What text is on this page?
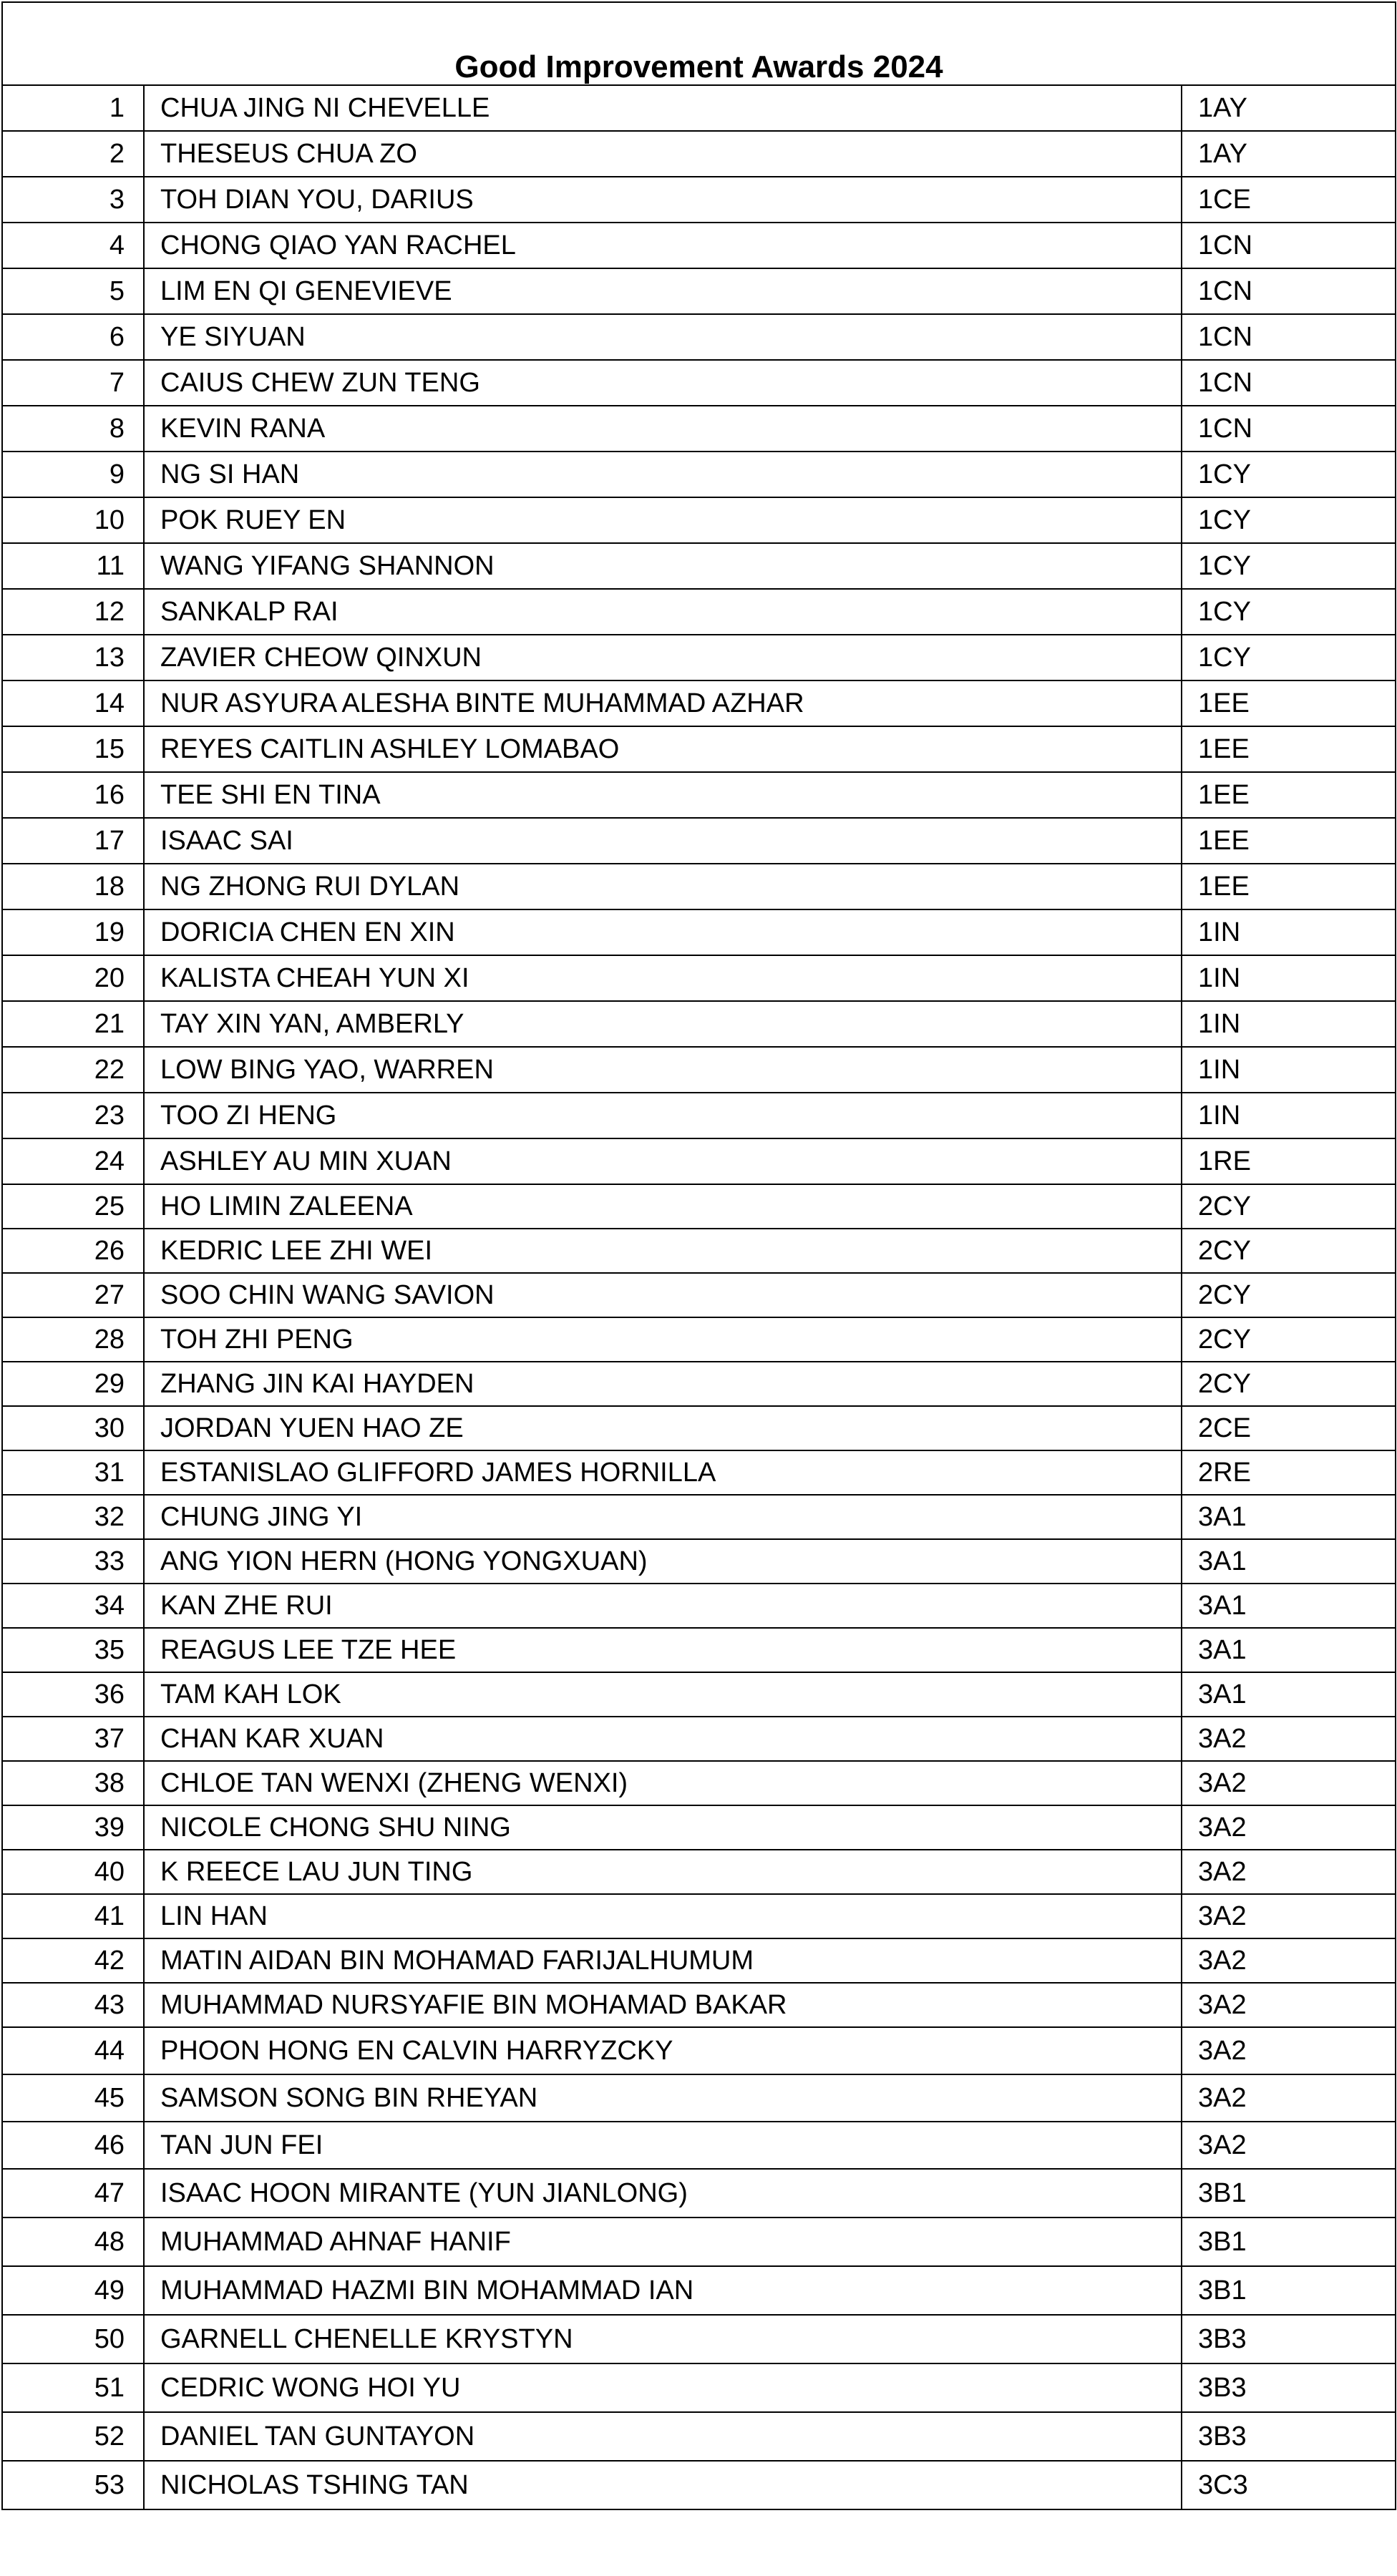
Good Improvement Awards 2024		
1	CHUA JING NI CHEVELLE	1AY
2	THESEUS CHUA ZO	1AY
3	TOH DIAN YOU, DARIUS	1CE
4	CHONG QIAO YAN RACHEL	1CN
5	LIM EN QI GENEVIEVE	1CN
6	YE SIYUAN	1CN
7	CAIUS CHEW ZUN TENG	1CN
8	KEVIN RANA	1CN
9	NG SI HAN	1CY
10	POK RUEY EN	1CY
11	WANG YIFANG SHANNON	1CY
12	SANKALP RAI	1CY
13	ZAVIER CHEOW QINXUN	1CY
14	NUR ASYURA ALESHA BINTE MUHAMMAD AZHAR	1EE
15	REYES CAITLIN ASHLEY LOMABAO	1EE
16	TEE SHI EN TINA	1EE
17	ISAAC SAI	1EE
18	NG ZHONG RUI DYLAN	1EE
19	DORICIA CHEN EN XIN	1IN
20	KALISTA CHEAH YUN XI	1IN
21	TAY XIN YAN, AMBERLY	1IN
22	LOW BING YAO, WARREN	1IN
23	TOO ZI HENG	1IN
24	ASHLEY AU MIN XUAN	1RE
25	HO LIMIN ZALEENA	2CY
26	KEDRIC LEE ZHI WEI	2CY
27	SOO CHIN WANG SAVION	2CY
28	TOH ZHI PENG	2CY
29	ZHANG JIN KAI HAYDEN	2CY
30	JORDAN YUEN HAO ZE	2CE
31	ESTANISLAO GLIFFORD JAMES HORNILLA	2RE
32	CHUNG JING YI	3A1
33	ANG YION HERN (HONG YONGXUAN)	3A1
34	KAN ZHE RUI	3A1
35	REAGUS LEE TZE HEE	3A1
36	TAM KAH LOK	3A1
37	CHAN KAR XUAN	3A2
38	CHLOE TAN WENXI (ZHENG WENXI)	3A2
39	NICOLE CHONG SHU NING	3A2
40	K REECE LAU JUN TING	3A2
41	LIN HAN	3A2
42	MATIN AIDAN BIN MOHAMAD FARIJALHUMUM	3A2
43	MUHAMMAD NURSYAFIE BIN MOHAMAD BAKAR	3A2
44	PHOON HONG EN CALVIN HARRYZCKY	3A2
45	SAMSON SONG BIN RHEYAN	3A2
46	TAN JUN FEI	3A2
47	ISAAC HOON MIRANTE (YUN JIANLONG)	3B1
48	MUHAMMAD AHNAF HANIF	3B1
49	MUHAMMAD HAZMI BIN MOHAMMAD IAN	3B1
50	GARNELL CHENELLE KRYSTYN	3B3
51	CEDRIC WONG HOI YU	3B3
52	DANIEL TAN GUNTAYON	3B3
53	NICHOLAS TSHING TAN	3C3
